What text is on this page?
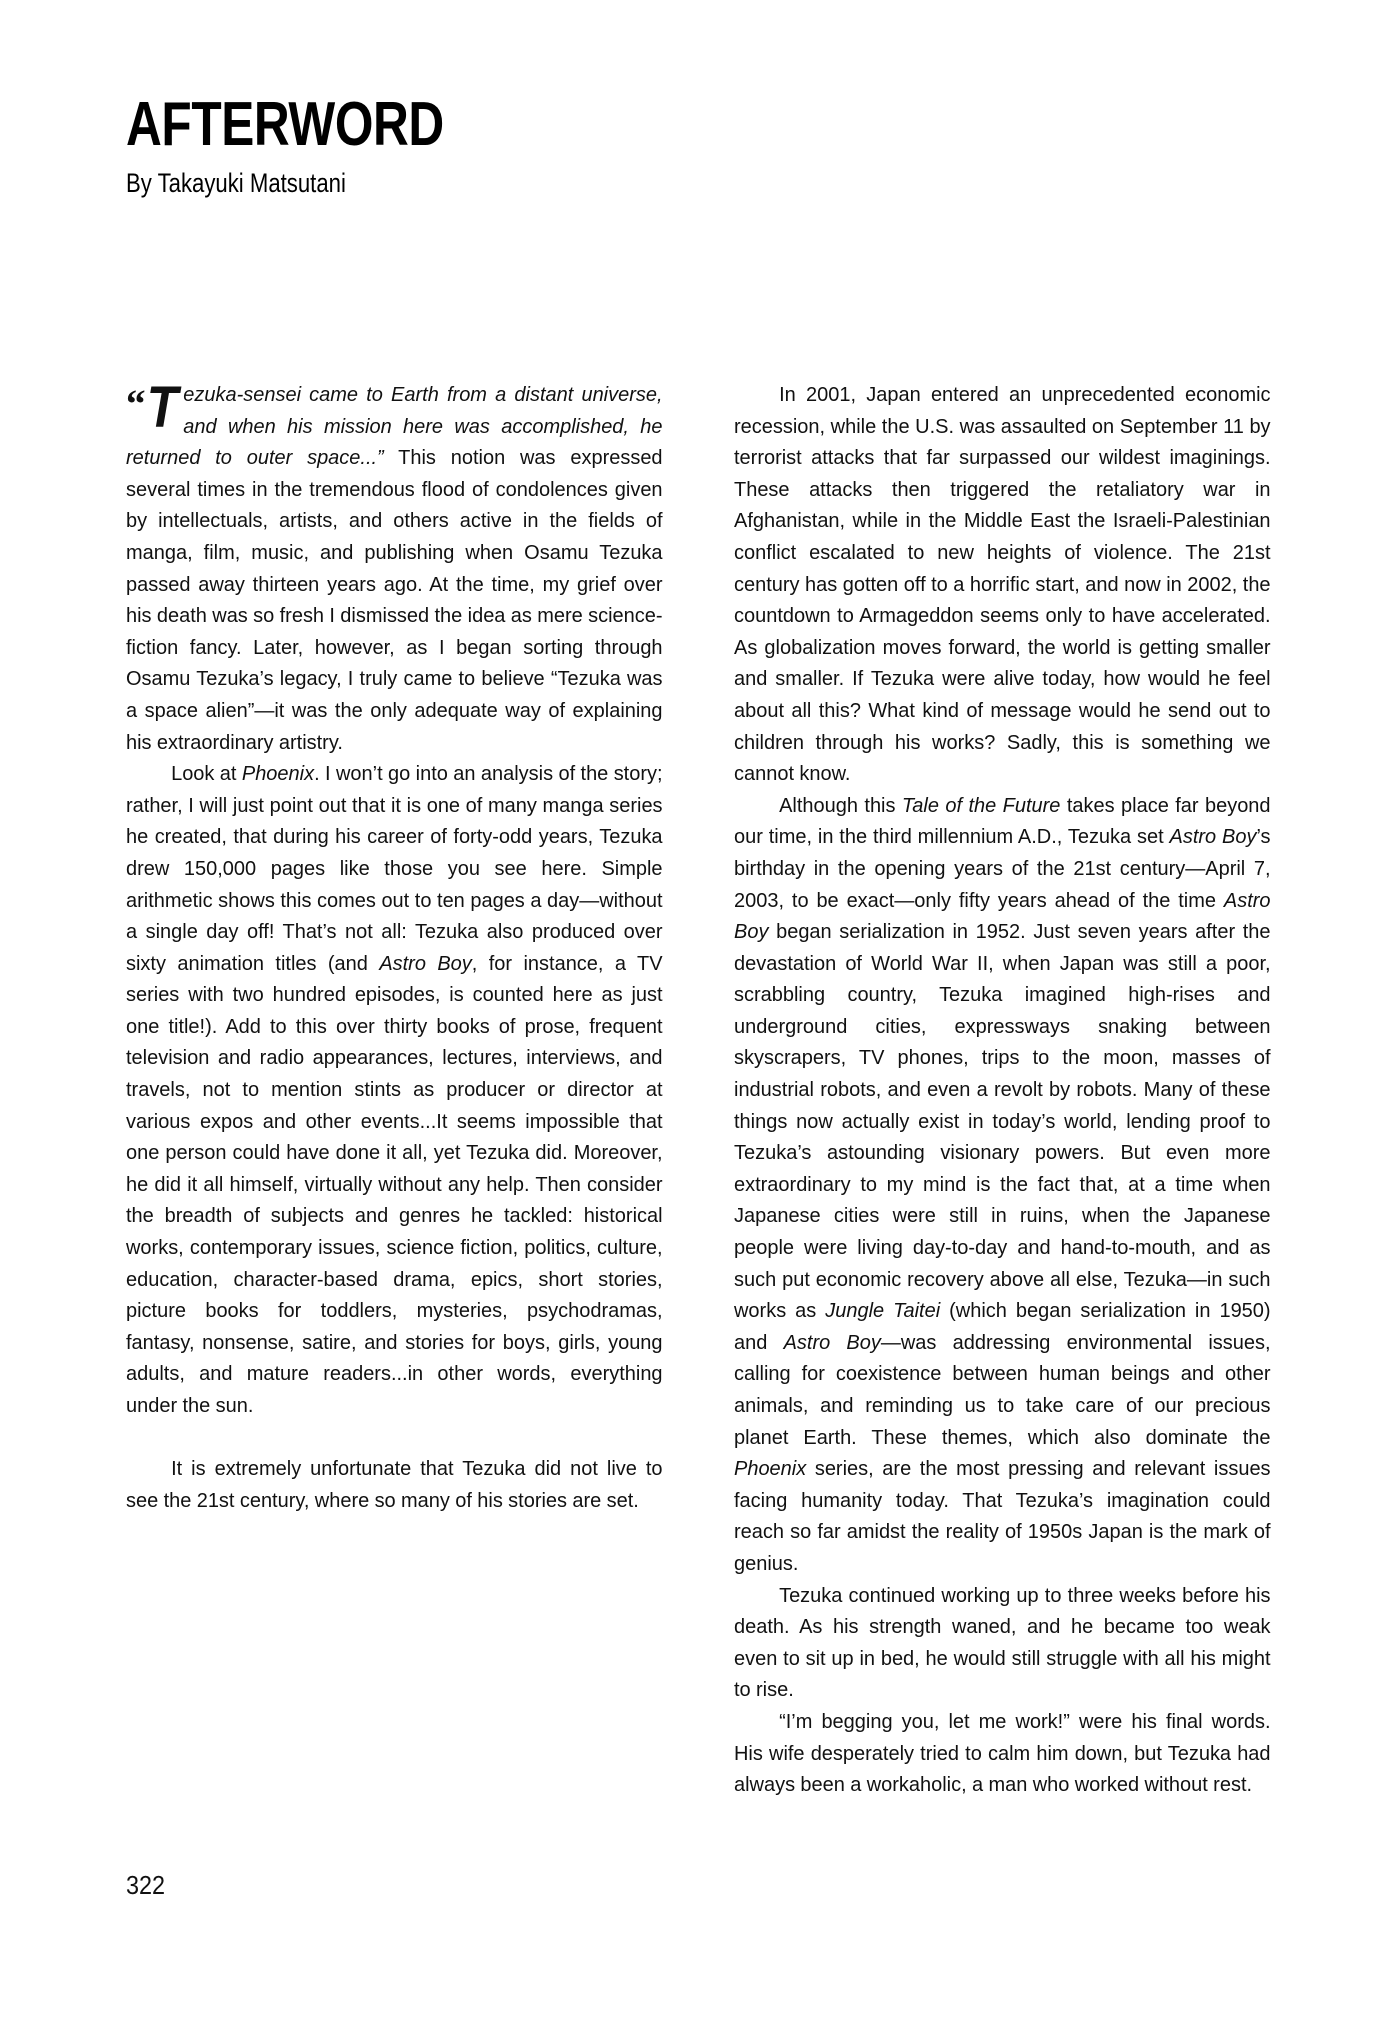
AFTERWORD
By Takayuki Matsutani

“ T ezuka-sensei came to Earth from a distant universe, and when his mission here was accomplished, he returned to outer space...” This notion was expressed several times in the tremendous flood of condolences given by intellectuals, artists, and others active in the fields of manga, film, music, and publishing when Osamu Tezuka passed away thirteen years ago. At the time, my grief over his death was so fresh I dismissed the idea as mere science-fiction fancy. Later, however, as I began sorting through Osamu Tezuka’s legacy, I truly came to believe “Tezuka was a space alien”—it was the only adequate way of explaining his extraordinary artistry.

Look at Phoenix. I won’t go into an analysis of the story; rather, I will just point out that it is one of many manga series he created, that during his career of forty-odd years, Tezuka drew 150,000 pages like those you see here. Simple arithmetic shows this comes out to ten pages a day—without a single day off! That’s not all: Tezuka also produced over sixty animation titles (and Astro Boy, for instance, a TV series with two hundred episodes, is counted here as just one title!). Add to this over thirty books of prose, frequent television and radio appearances, lectures, interviews, and travels, not to mention stints as producer or director at various expos and other events...It seems impossible that one person could have done it all, yet Tezuka did. Moreover, he did it all himself, virtually without any help. Then consider the breadth of subjects and genres he tackled: historical works, contemporary issues, science fiction, politics, culture, education, character-based drama, epics, short stories, picture books for toddlers, mysteries, psychodramas, fantasy, nonsense, satire, and stories for boys, girls, young adults, and mature readers...in other words, everything under the sun.

It is extremely unfortunate that Tezuka did not live to see the 21st century, where so many of his stories are set.

In 2001, Japan entered an unprecedented economic recession, while the U.S. was assaulted on September 11 by terrorist attacks that far surpassed our wildest imaginings. These attacks then triggered the retaliatory war in Afghanistan, while in the Middle East the Israeli-Palestinian conflict escalated to new heights of violence. The 21st century has gotten off to a horrific start, and now in 2002, the countdown to Armageddon seems only to have accelerated. As globalization moves forward, the world is getting smaller and smaller. If Tezuka were alive today, how would he feel about all this? What kind of message would he send out to children through his works? Sadly, this is something we cannot know.

Although this Tale of the Future takes place far beyond our time, in the third millennium A.D., Tezuka set Astro Boy’s birthday in the opening years of the 21st century—April 7, 2003, to be exact—only fifty years ahead of the time Astro Boy began serialization in 1952. Just seven years after the devastation of World War II, when Japan was still a poor, scrabbling country, Tezuka imagined high-rises and underground cities, expressways snaking between skyscrapers, TV phones, trips to the moon, masses of industrial robots, and even a revolt by robots. Many of these things now actually exist in today’s world, lending proof to Tezuka’s astounding visionary powers. But even more extraordinary to my mind is the fact that, at a time when Japanese cities were still in ruins, when the Japanese people were living day-to-day and hand-to-mouth, and as such put economic recovery above all else, Tezuka—in such works as Jungle Taitei (which began serialization in 1950) and Astro Boy—was addressing environmental issues, calling for coexistence between human beings and other animals, and reminding us to take care of our precious planet Earth. These themes, which also dominate the Phoenix series, are the most pressing and relevant issues facing humanity today. That Tezuka’s imagination could reach so far amidst the reality of 1950s Japan is the mark of genius.

Tezuka continued working up to three weeks before his death. As his strength waned, and he became too weak even to sit up in bed, he would still struggle with all his might to rise.

“I’m begging you, let me work!” were his final words. His wife desperately tried to calm him down, but Tezuka had always been a workaholic, a man who worked without rest.

322
